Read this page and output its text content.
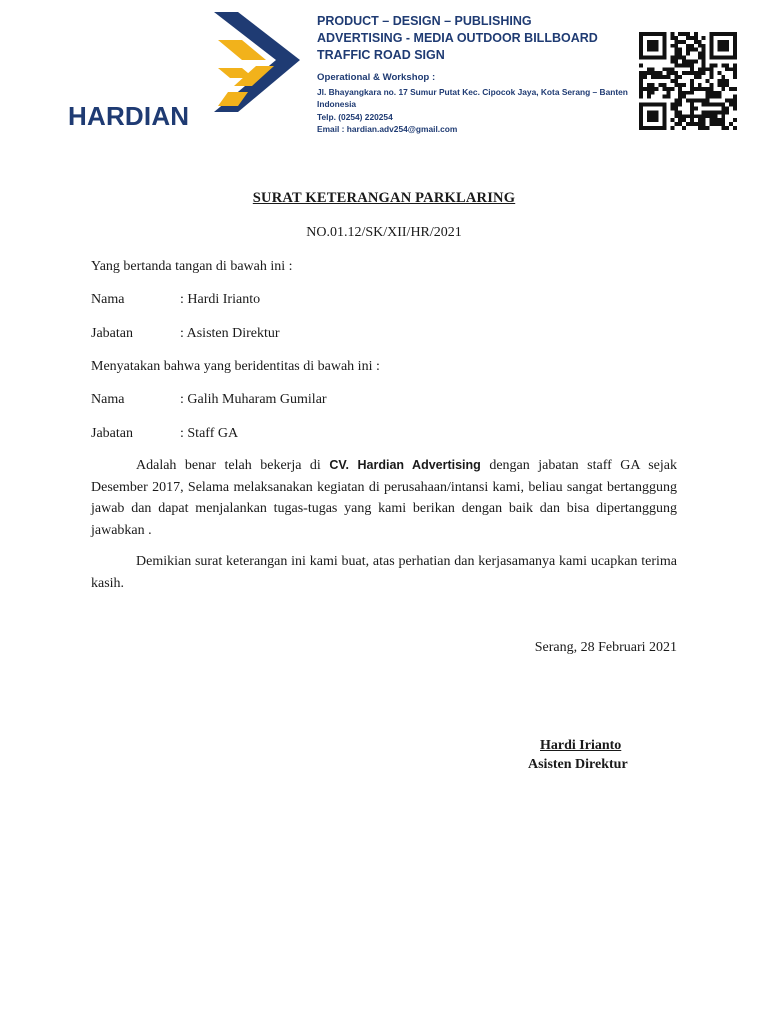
HARDIAN
PRODUCT – DESIGN – PUBLISHING
ADVERTISING - MEDIA OUTDOOR BILLBOARD
TRAFFIC ROAD SIGN
Operational & Workshop :
Jl. Bhayangkara no. 17 Sumur Putat Kec. Cipocok Jaya, Kota Serang – Banten Indonesia
Telp. (0254) 220254
Email : hardian.adv254@gmail.com
SURAT KETERANGAN PARKLARING
NO.01.12/SK/XII/HR/2021
Yang bertanda tangan di bawah ini :
Nama	: Hardi Irianto
Jabatan	: Asisten Direktur
Menyatakan bahwa yang beridentitas di bawah ini :
Nama	: Galih Muharam Gumilar
Jabatan	: Staff GA
Adalah benar telah bekerja di CV. Hardian Advertising dengan jabatan staff GA sejak Desember 2017, Selama melaksanakan kegiatan di perusahaan/intansi kami, beliau sangat bertanggung jawab dan dapat menjalankan tugas-tugas yang kami berikan dengan baik dan bisa dipertanggung jawabkan .
Demikian surat keterangan ini kami buat, atas perhatian dan kerjasamanya kami ucapkan terima kasih.
Serang, 28 Februari 2021
Hardi Irianto
Asisten Direktur
